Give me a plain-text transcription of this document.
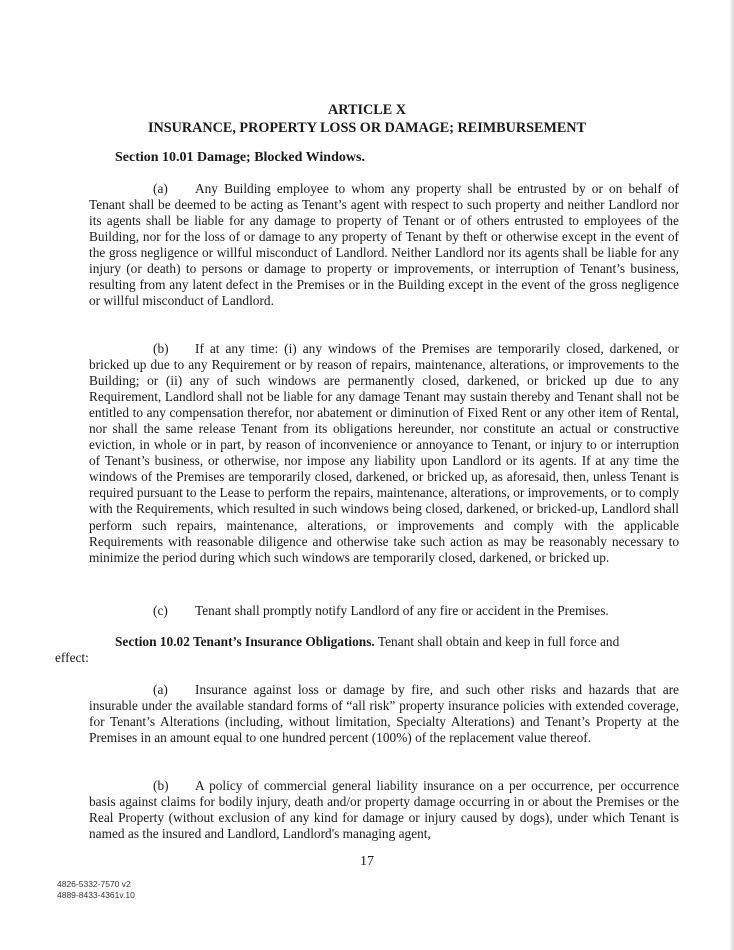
ARTICLE X

INSURANCE, PROPERTY LOSS OR DAMAGE; REIMBURSEMENT

Section 10.01 Damage; Blocked Windows.

(a) Any Building employee to whom any property shall be entrusted by or on behalf of Tenant shall be deemed to be acting as Tenant’s agent with respect to such property and neither Landlord nor its agents shall be liable for any damage to property of Tenant or of others entrusted to employees of the Building, nor for the loss of or damage to any property of Tenant by theft or otherwise except in the event of the gross negligence or willful misconduct of Landlord. Neither Landlord nor its agents shall be liable for any injury (or death) to persons or damage to property or improvements, or interruption of Tenant’s business, resulting from any latent defect in the Premises or in the Building except in the event of the gross negligence or willful misconduct of Landlord.

(b) If at any time: (i) any windows of the Premises are temporarily closed, darkened, or bricked up due to any Requirement or by reason of repairs, maintenance, alterations, or improvements to the Building; or (ii) any of such windows are permanently closed, darkened, or bricked up due to any Requirement, Landlord shall not be liable for any damage Tenant may sustain thereby and Tenant shall not be entitled to any compensation therefor, nor abatement or diminution of Fixed Rent or any other item of Rental, nor shall the same release Tenant from its obligations hereunder, nor constitute an actual or constructive eviction, in whole or in part, by reason of inconvenience or annoyance to Tenant, or injury to or interruption of Tenant’s business, or otherwise, nor impose any liability upon Landlord or its agents. If at any time the windows of the Premises are temporarily closed, darkened, or bricked up, as aforesaid, then, unless Tenant is required pursuant to the Lease to perform the repairs, maintenance, alterations, or improvements, or to comply with the Requirements, which resulted in such windows being closed, darkened, or bricked-up, Landlord shall perform such repairs, maintenance, alterations, or improvements and comply with the applicable Requirements with reasonable diligence and otherwise take such action as may be reasonably necessary to minimize the period during which such windows are temporarily closed, darkened, or bricked up.

(c) Tenant shall promptly notify Landlord of any fire or accident in the Premises.

Section 10.02 Tenant’s Insurance Obligations. Tenant shall obtain and keep in full force and

effect:

(a) Insurance against loss or damage by fire, and such other risks and hazards that are insurable under the available standard forms of “all risk” property insurance policies with extended coverage, for Tenant’s Alterations (including, without limitation, Specialty Alterations) and Tenant’s Property at the Premises in an amount equal to one hundred percent (100%) of the replacement value thereof.

(b) A policy of commercial general liability insurance on a per occurrence, per occurrence basis against claims for bodily injury, death and/or property damage occurring in or about the Premises or the Real Property (without exclusion of any kind for damage or injury caused by dogs), under which Tenant is named as the insured and Landlord, Landlord's managing agent,

17

4826-5332-7570 v2
4889-8433-4361v.10
